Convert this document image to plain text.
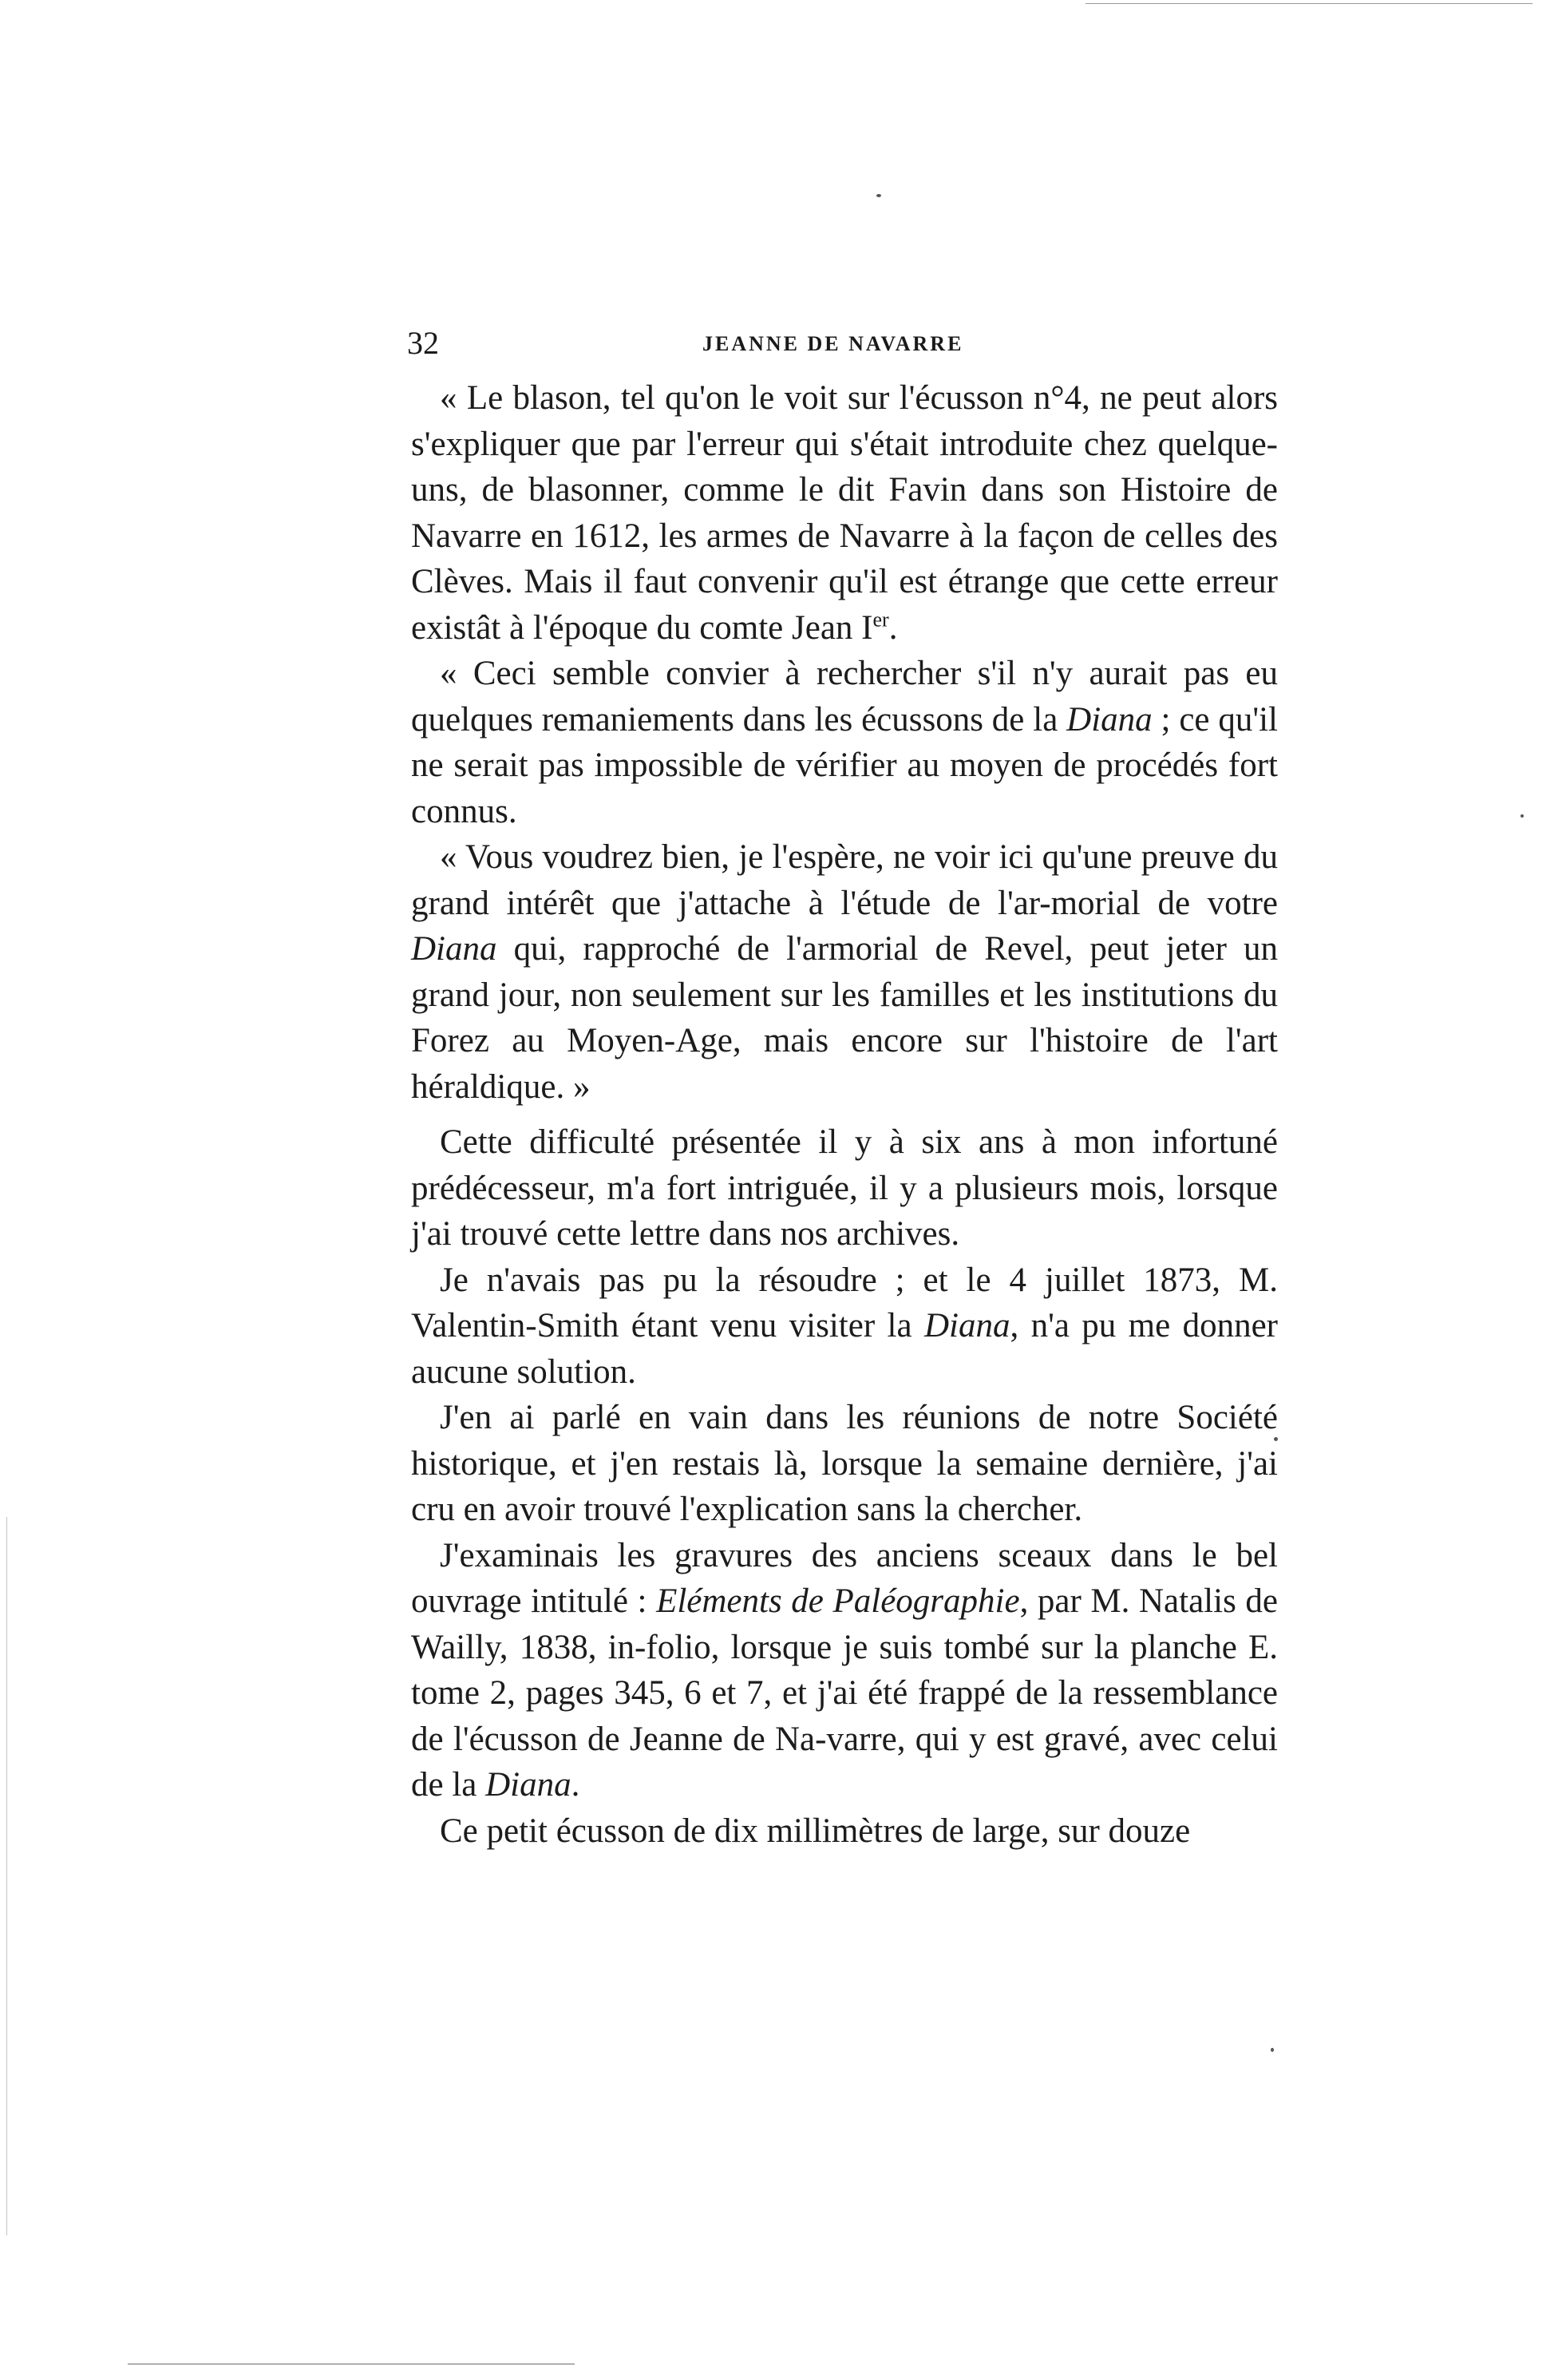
32	JEANNE DE NAVARRE

« Le blason, tel qu'on le voit sur l'écusson n°4, ne peut alors s'expliquer que par l'erreur qui s'était introduite chez quelque-uns, de blasonner, comme le dit Favin dans son Histoire de Navarre en 1612, les armes de Navarre à la façon de celles des Clèves. Mais il faut convenir qu'il est étrange que cette erreur existât à l'époque du comte Jean Ier.

« Ceci semble convier à rechercher s'il n'y aurait pas eu quelques remaniements dans les écussons de la Diana ; ce qu'il ne serait pas impossible de vérifier au moyen de procédés fort connus.

« Vous voudrez bien, je l'espère, ne voir ici qu'une preuve du grand intérêt que j'attache à l'étude de l'ar-morial de votre Diana qui, rapproché de l'armorial de Revel, peut jeter un grand jour, non seulement sur les familles et les institutions du Forez au Moyen-Age, mais encore sur l'histoire de l'art héraldique. »

Cette difficulté présentée il y à six ans à mon infortuné prédécesseur, m'a fort intriguée, il y a plusieurs mois, lorsque j'ai trouvé cette lettre dans nos archives.

Je n'avais pas pu la résoudre ; et le 4 juillet 1873, M. Valentin-Smith étant venu visiter la Diana, n'a pu me donner aucune solution.

J'en ai parlé en vain dans les réunions de notre Société historique, et j'en restais là, lorsque la semaine dernière, j'ai cru en avoir trouvé l'explication sans la chercher.

J'examinais les gravures des anciens sceaux dans le bel ouvrage intitulé : Eléments de Paléographie, par M. Natalis de Wailly, 1838, in-folio, lorsque je suis tombé sur la planche E. tome 2, pages 345, 6 et 7, et j'ai été frappé de la ressemblance de l'écusson de Jeanne de Na-varre, qui y est gravé, avec celui de la Diana.

Ce petit écusson de dix millimètres de large, sur douze
